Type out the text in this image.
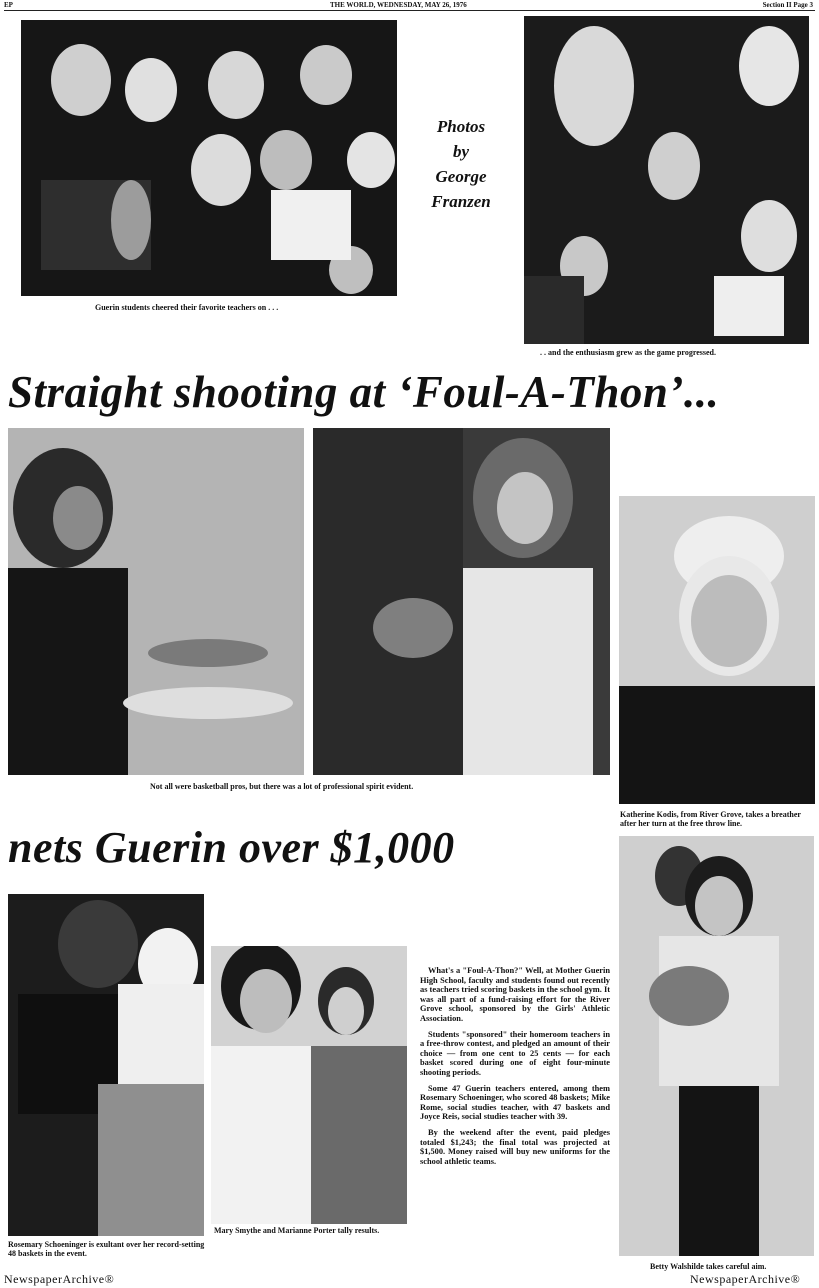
EP	THE WORLD, WEDNESDAY, MAY 26, 1976	Section II Page 3
Guerin students cheered their favorite teachers on . . .
Photos
by
George
Franzen
. . and the enthusiasm grew as the game progressed.
Straight shooting at ‘Foul-A-Thon’...
Not all were basketball pros, but there was a lot of professional spirit evident.
Katherine Kodis, from River Grove, takes a breather after her turn at the free throw line.
nets Guerin over $1,000
Rosemary Schoeninger is exultant over her record-setting 48 baskets in the event.
Mary Smythe and Marianne Porter tally results.

What's a "Foul-A-Thon?" Well, at Mother Guerin High School, faculty and students found out recently as teachers tried scoring baskets in the school gym. It was all part of a fund-raising effort for the River Grove school, sponsored by the Girls' Athletic Association.

Students "sponsored" their homeroom teachers in a free-throw contest, and pledged an amount of their choice — from one cent to 25 cents — for each basket scored during one of eight four-minute shooting periods.

Some 47 Guerin teachers entered, among them Rosemary Schoeninger, who scored 48 baskets; Mike Rome, social studies teacher, with 47 baskets and Joyce Reis, social studies teacher with 39.

By the weekend after the event, paid pledges totaled $1,243; the final total was projected at $1,500. Money raised will buy new uniforms for the school athletic teams.

Betty Walshilde takes careful aim.
NewspaperArchive®	NewspaperArchive®
